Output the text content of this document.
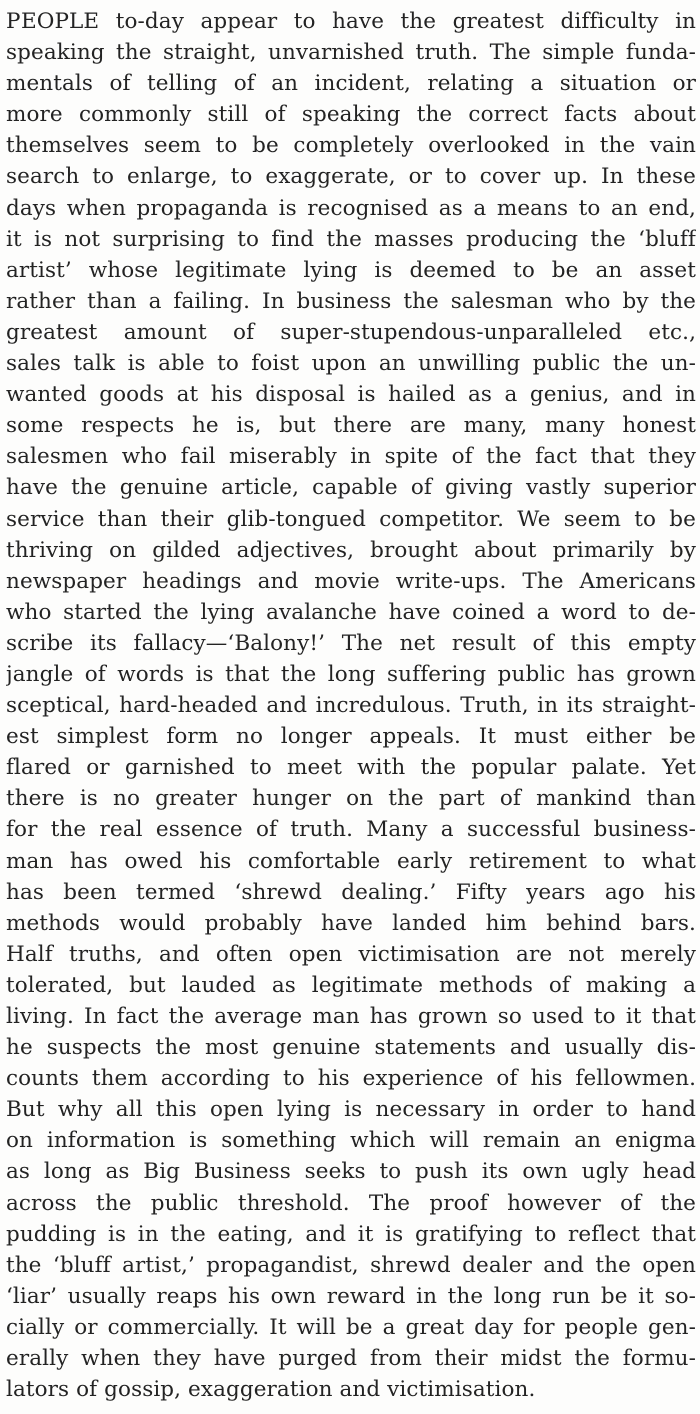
PEOPLE to-day appear to have the greatest difficulty in
speaking the straight, unvarnished truth. The simple funda-
mentals of telling of an incident, relating a situation or
more commonly still of speaking the correct facts about
themselves seem to be completely overlooked in the vain
search to enlarge, to exaggerate, or to cover up. In these
days when propaganda is recognised as a means to an end,
it is not surprising to find the masses producing the ‘bluff
artist’ whose legitimate lying is deemed to be an asset
rather than a failing. In business the salesman who by the
greatest amount of super-stupendous-unparalleled etc.,
sales talk is able to foist upon an unwilling public the un-
wanted goods at his disposal is hailed as a genius, and in
some respects he is, but there are many, many honest
salesmen who fail miserably in spite of the fact that they
have the genuine article, capable of giving vastly superior
service than their glib-tongued competitor. We seem to be
thriving on gilded adjectives, brought about primarily by
newspaper headings and movie write-ups. The Americans
who started the lying avalanche have coined a word to de-
scribe its fallacy—‘Balony!’ The net result of this empty
jangle of words is that the long suffering public has grown
sceptical, hard-headed and incredulous. Truth, in its straight-
est simplest form no longer appeals. It must either be
flared or garnished to meet with the popular palate. Yet
there is no greater hunger on the part of mankind than
for the real essence of truth. Many a successful business-
man has owed his comfortable early retirement to what
has been termed ‘shrewd dealing.’ Fifty years ago his
methods would probably have landed him behind bars.
Half truths, and often open victimisation are not merely
tolerated, but lauded as legitimate methods of making a
living. In fact the average man has grown so used to it that
he suspects the most genuine statements and usually dis-
counts them according to his experience of his fellowmen.
But why all this open lying is necessary in order to hand
on information is something which will remain an enigma
as long as Big Business seeks to push its own ugly head
across the public threshold. The proof however of the
pudding is in the eating, and it is gratifying to reflect that
the ‘bluff artist,’ propagandist, shrewd dealer and the open
‘liar’ usually reaps his own reward in the long run be it so-
cially or commercially. It will be a great day for people gen-
erally when they have purged from their midst the formu-
lators of gossip, exaggeration and victimisation.
